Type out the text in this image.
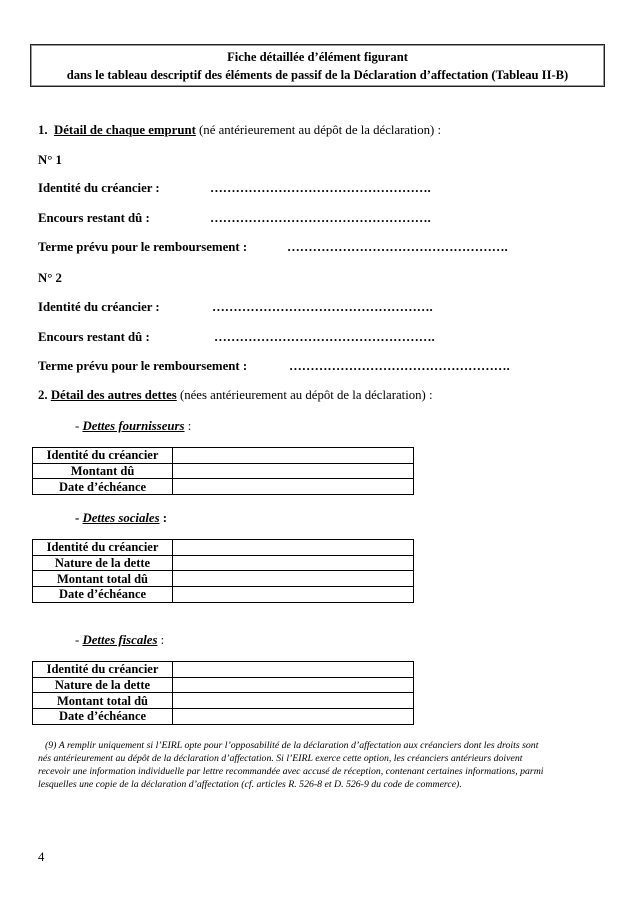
Fiche détaillée d’élément figurant
dans le tableau descriptif des éléments de passif de la Déclaration d’affectation (Tableau II-B)
1. Détail de chaque emprunt (né antérieurement au dépôt de la déclaration) :
N° 1
Identité du créancier :	…………………………………………….
Encours restant dû :	…………………………………………….
Terme prévu pour le remboursement :	…………………………………………….
N° 2
Identité du créancier :	…………………………………………….
Encours restant dû :	…………………………………………….
Terme prévu pour le remboursement :	…………………………………………….
2. Détail des autres dettes (nées antérieurement au dépôt de la déclaration) :
- Dettes fournisseurs :
Identité du créancier	
Montant dû	
Date d’échéance	
- Dettes sociales :
Identité du créancier	
Nature de la dette	
Montant total dû	
Date d’échéance	
- Dettes fiscales :
Identité du créancier	
Nature de la dette	
Montant total dû	
Date d’échéance	
(9) A remplir uniquement si l’EIRL opte pour l’opposabilité de la déclaration d’affectation aux créanciers dont les droits sont
nés antérieurement au dépôt de la déclaration d’affectation. Si l’EIRL exerce cette option, les créanciers antérieurs doivent
recevoir une information individuelle par lettre recommandée avec accusé de réception, contenant certaines informations, parmi
lesquelles une copie de la déclaration d’affectation (cf. articles R. 526-8 et D. 526-9 du code de commerce).
4
